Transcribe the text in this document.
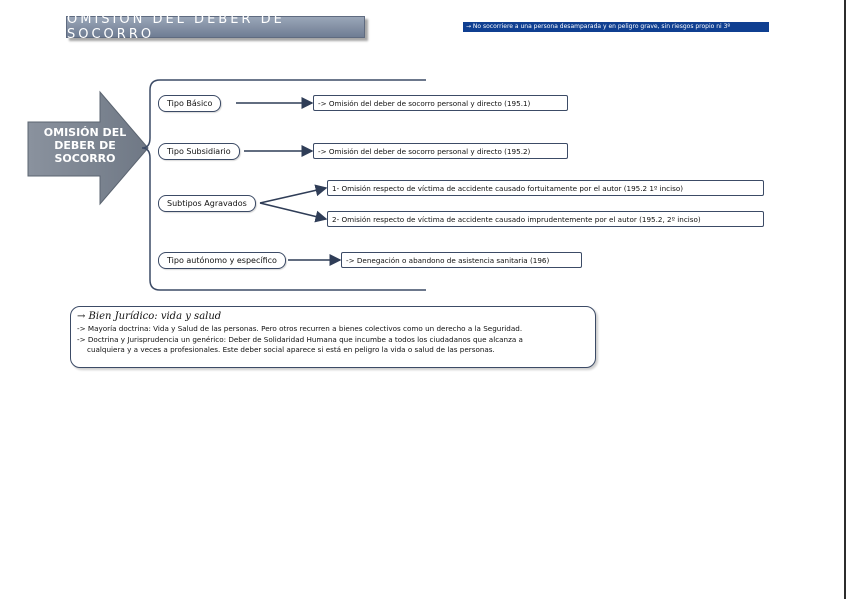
OMISIÓN DEL DEBER DE SOCORRO
→ No socorriere a una persona desamparada y en peligro grave, sin riesgos propio ni 3º
OMISIÓN DEL DEBER DE SOCORRO
Tipo Básico
Tipo Subsidiario
Subtipos Agravados
Tipo autónomo y específico
-> Omisión del deber de socorro personal y directo (195.1)
-> Omisión del deber de socorro personal y directo (195.2)
1- Omisión respecto de víctima de accidente causado fortuitamente por el autor (195.2 1º inciso)
2- Omisión respecto de víctima de accidente causado imprudentemente por el autor (195.2, 2º inciso)
-> Denegación o abandono de asistencia sanitaria (196)
→ Bien Jurídico: vida y salud
-> Mayoría doctrina: Vida y Salud de las personas. Pero otros recurren a bienes colectivos como un derecho a la Seguridad.
-> Doctrina y Jurisprudencia un genérico: Deber de Solidaridad Humana que incumbe a todos los ciudadanos que alcanza a
cualquiera y a veces a profesionales. Este deber social aparece si está en peligro la vida o salud de las personas.
